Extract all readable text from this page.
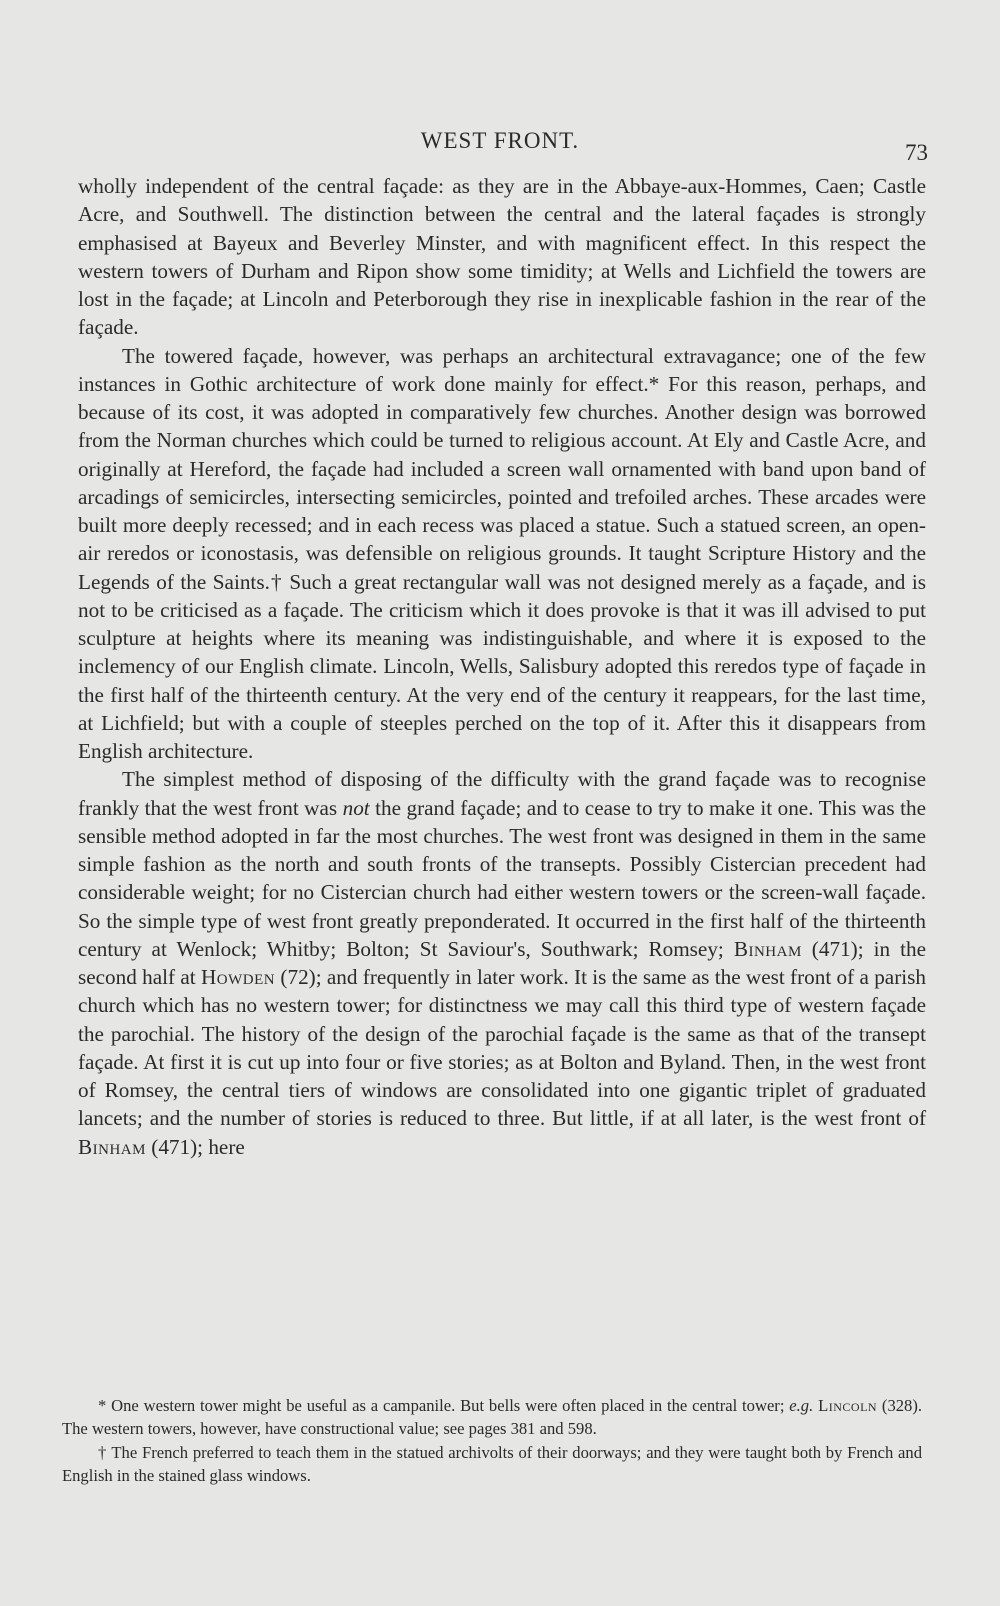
WEST FRONT.	73

wholly independent of the central façade: as they are in the Abbaye-aux-Hommes, Caen; Castle Acre, and Southwell. The distinction between the central and the lateral façades is strongly emphasised at Bayeux and Beverley Minster, and with magnificent effect. In this respect the western towers of Durham and Ripon show some timidity; at Wells and Lichfield the towers are lost in the façade; at Lincoln and Peterborough they rise in inexplicable fashion in the rear of the façade.

The towered façade, however, was perhaps an architectural extravagance; one of the few instances in Gothic architecture of work done mainly for effect.* For this reason, perhaps, and because of its cost, it was adopted in comparatively few churches. Another design was borrowed from the Norman churches which could be turned to religious account. At Ely and Castle Acre, and originally at Hereford, the façade had included a screen wall ornamented with band upon band of arcadings of semicircles, intersecting semicircles, pointed and trefoiled arches. These arcades were built more deeply recessed; and in each recess was placed a statue. Such a statued screen, an open-air reredos or iconostasis, was defensible on religious grounds. It taught Scripture History and the Legends of the Saints.† Such a great rectangular wall was not designed merely as a façade, and is not to be criticised as a façade. The criticism which it does provoke is that it was ill advised to put sculpture at heights where its meaning was indistinguishable, and where it is exposed to the inclemency of our English climate. Lincoln, Wells, Salisbury adopted this reredos type of façade in the first half of the thirteenth century. At the very end of the century it reappears, for the last time, at Lichfield; but with a couple of steeples perched on the top of it. After this it disappears from English architecture.

The simplest method of disposing of the difficulty with the grand façade was to recognise frankly that the west front was not the grand façade; and to cease to try to make it one. This was the sensible method adopted in far the most churches. The west front was designed in them in the same simple fashion as the north and south fronts of the transepts. Possibly Cistercian precedent had considerable weight; for no Cistercian church had either western towers or the screen-wall façade. So the simple type of west front greatly preponderated. It occurred in the first half of the thirteenth century at Wenlock; Whitby; Bolton; St Saviour's, Southwark; Romsey; Binham (471); in the second half at Howden (72); and frequently in later work. It is the same as the west front of a parish church which has no western tower; for distinctness we may call this third type of western façade the parochial. The history of the design of the parochial façade is the same as that of the transept façade. At first it is cut up into four or five stories; as at Bolton and Byland. Then, in the west front of Romsey, the central tiers of windows are consolidated into one gigantic triplet of graduated lancets; and the number of stories is reduced to three. But little, if at all later, is the west front of Binham (471); here

* One western tower might be useful as a campanile. But bells were often placed in the central tower; e.g. Lincoln (328). The western towers, however, have constructional value; see pages 381 and 598.

† The French preferred to teach them in the statued archivolts of their doorways; and they were taught both by French and English in the stained glass windows.
